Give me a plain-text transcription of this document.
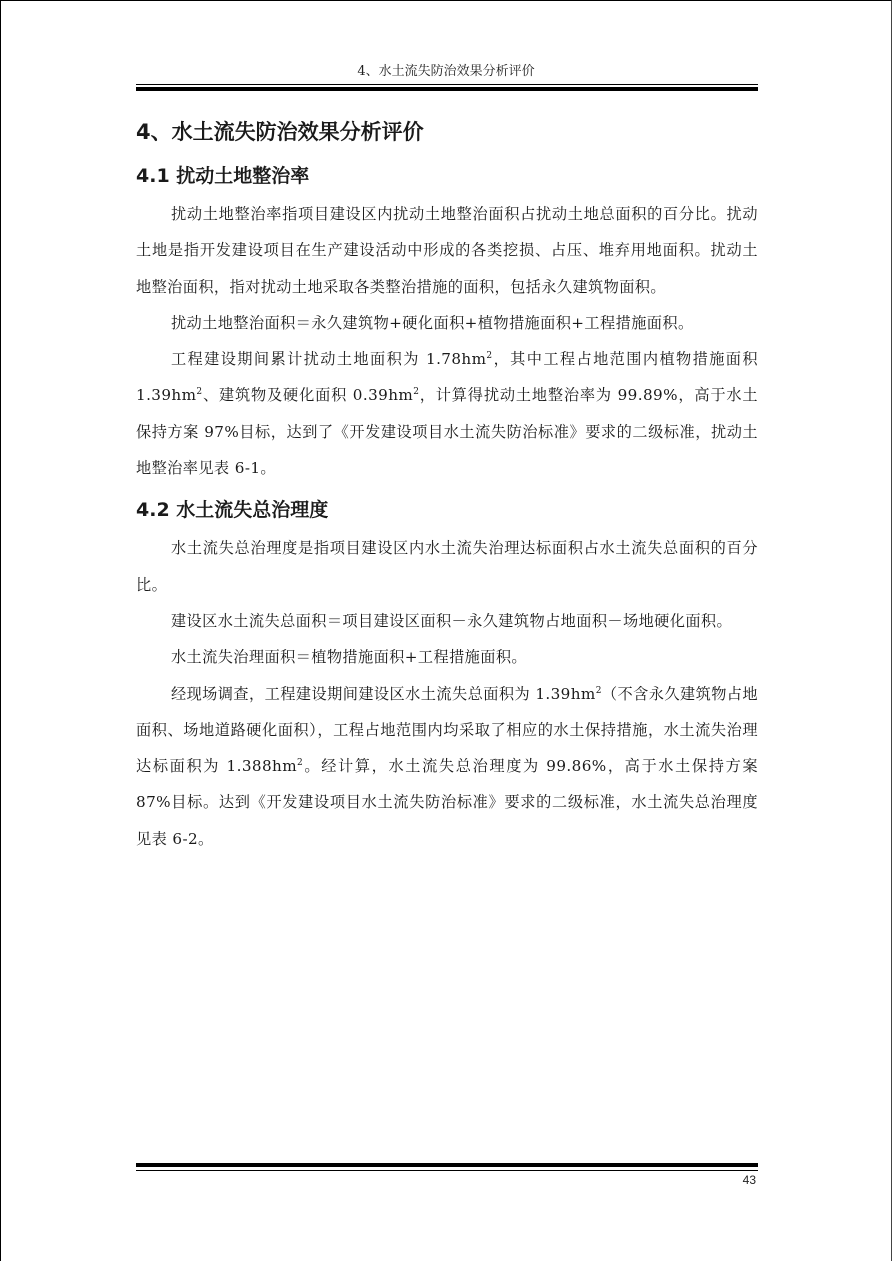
4、水土流失防治效果分析评价
4、水土流失防治效果分析评价
4.1 扰动土地整治率

扰动土地整治率指项目建设区内扰动土地整治面积占扰动土地总面积的百分比。扰动土地是指开发建设项目在生产建设活动中形成的各类挖损、占压、堆弃用地面积。扰动土地整治面积，指对扰动土地采取各类整治措施的面积，包括永久建筑物面积。

扰动土地整治面积＝永久建筑物+硬化面积+植物措施面积+工程措施面积。

工程建设期间累计扰动土地面积为 $1.78hm^2$，其中工程占地范围内植物措施面积 $1.39hm^2$、建筑物及硬化面积 $0.39hm^2$，计算得扰动土地整治率为 99.89%，高于水土保持方案 97%目标，达到了《开发建设项目水土流失防治标准》要求的二级标准，扰动土地整治率见表 6-1。

4.2 水土流失总治理度

水土流失总治理度是指项目建设区内水土流失治理达标面积占水土流失总面积的百分比。

建设区水土流失总面积＝项目建设区面积－永久建筑物占地面积－场地硬化面积。

水土流失治理面积＝植物措施面积+工程措施面积。

经现场调查，工程建设期间建设区水土流失总面积为 $1.39hm^2$（不含永久建筑物占地面积、场地道路硬化面积），工程占地范围内均采取了相应的水土保持措施，水土流失治理达标面积为 $1.388hm^2$。经计算，水土流失总治理度为 99.86%，高于水土保持方案 87%目标。达到《开发建设项目水土流失防治标准》要求的二级标准，水土流失总治理度见表 6-2。

43
